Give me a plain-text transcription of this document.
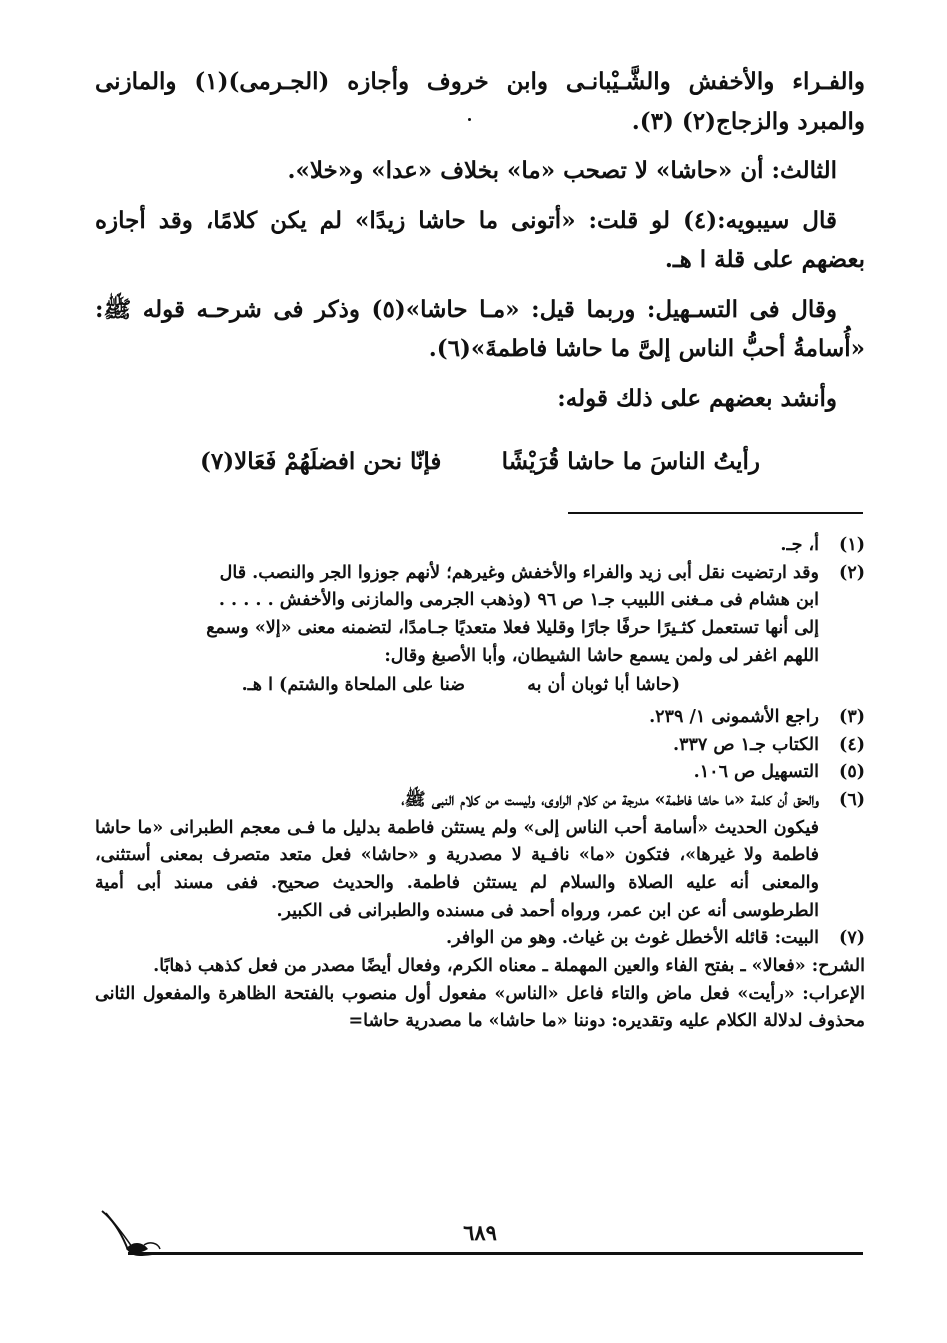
والفـراء والأخفش والشَّـيْبانـى وابن خروف وأجازه (الجـرمى)(١) والمازنى والمبرد والزجاج(٢) (٣).

الثالث: أن «حاشا» لا تصحب «ما» بخلاف «عدا» و«خلا».

قال سيبويه:(٤) لو قلت: «أتونى ما حاشا زيدًا» لم يكن كلامًا، وقد أجازه بعضهم على قلة ا هـ.

وقال فى التسـهيل: وربما قيل: «مـا حاشا»(٥) وذكر فى شرحـه قوله ﷺ: «أُسامةُ أحبُّ الناس إلىَّ ما حاشا فاطمةَ»(٦).

وأنشد بعضهم على ذلك قوله:

رأيتُ الناسَ ما حاشا قُرَيْشًا
فإنّا نحن افضلَهُمْ فَعَالا(٧)
(١)
أ، جـ.
(٢)
وقد ارتضيت نقل أبى زيد والفراء والأخفش وغيرهم؛ لأنهم جوزوا الجر والنصب. قال

ابن هشام فى مـغنى اللبيب جـ١ ص ٩٦ (وذهب الجرمى والمازنى والأخفش . . . . .
إلى أنها تستعمل كثـيرًا حرفًا جارًا وقليلا فعلا متعديًا جـامدًا، لتضمنه معنى «إلا» وسمع
اللهم اغفر لى ولمن يسمع حاشا الشيطان، وأبا الأصبغ وقال:

(حاشا أبا ثوبان أن به
ضنا على الملحاة والشتم) ا هـ.
(٣)
راجع الأشمونى ١/ ٢٣٩.
(٤)
الكتاب جـ١ ص ٣٣٧.
(٥)
التسهيل ص ١٠٦.
(٦)
والحق أن كلمة «ما حاشا فاطمة» مدرجة من كلام الراوى، وليست من كلام النبى ﷺ،

فيكون الحديث «أسامة أحب الناس إلى» ولم يستثن فاطمة بدليل ما فـى معجم الطبرانى «ما حاشا فاطمة ولا غيرها»، فتكون «ما» نافـية لا مصدرية و «حاشا» فعل متعد متصرف بمعنى أستثنى، والمعنى أنه عليه الصلاة والسلام لم يستثن فاطمة. والحديث صحيح. ففى مسند أبى أمية الطرطوسى أنه عن ابن عمر، ورواه أحمد فى مسنده والطبرانى فى الكبير.

(٧)
البيت: قائله الأخطل غوث بن غياث. وهو من الوافر.

الشرح: «فعالا» ـ بفتح الفاء والعين المهملة ـ معناه الكرم، وفعال أيضًا مصدر من فعل كذهب ذهابًا.

الإعراب: «رأيت» فعل ماض والتاء فاعل «الناس» مفعول أول منصوب بالفتحة الظاهرة والمفعول الثانى محذوف لدلالة الكلام عليه وتقديره: دوننا «ما حاشا» ما مصدرية حاشا=

٦٨٩
